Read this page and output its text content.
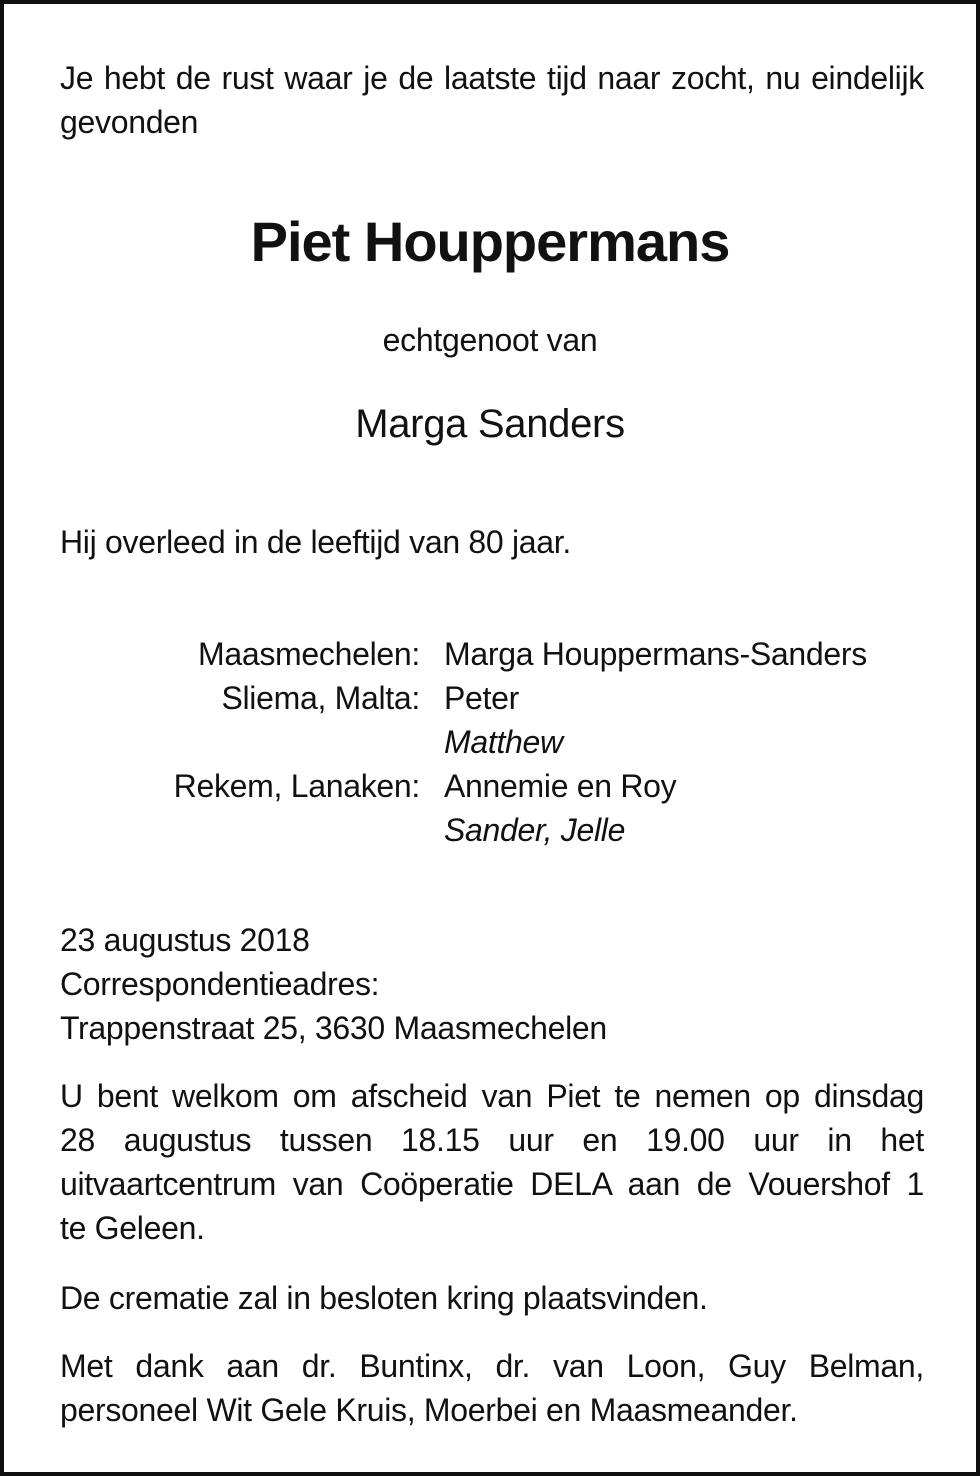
Je hebt de rust waar je de laatste tijd naar zocht, nu eindelijk
gevonden

Piet Houppermans
echtgenoot van
Marga Sanders
Hij overleed in de leeftijd van 80 jaar.
Maasmechelen: Marga Houppermans-Sanders
Sliema, Malta: Peter
Matthew
Rekem, Lanaken: Annemie en Roy
Sander, Jelle
23 augustus 2018
Correspondentieadres:
Trappenstraat 25, 3630 Maasmechelen
U bent welkom om afscheid van Piet te nemen op dinsdag
28 augustus tussen 18.15 uur en 19.00 uur in het
uitvaartcentrum van Coöperatie DELA aan de Vouershof 1
te Geleen.
De crematie zal in besloten kring plaatsvinden.
Met dank aan dr. Buntinx, dr. van Loon, Guy Belman,
personeel Wit Gele Kruis, Moerbei en Maasmeander.
